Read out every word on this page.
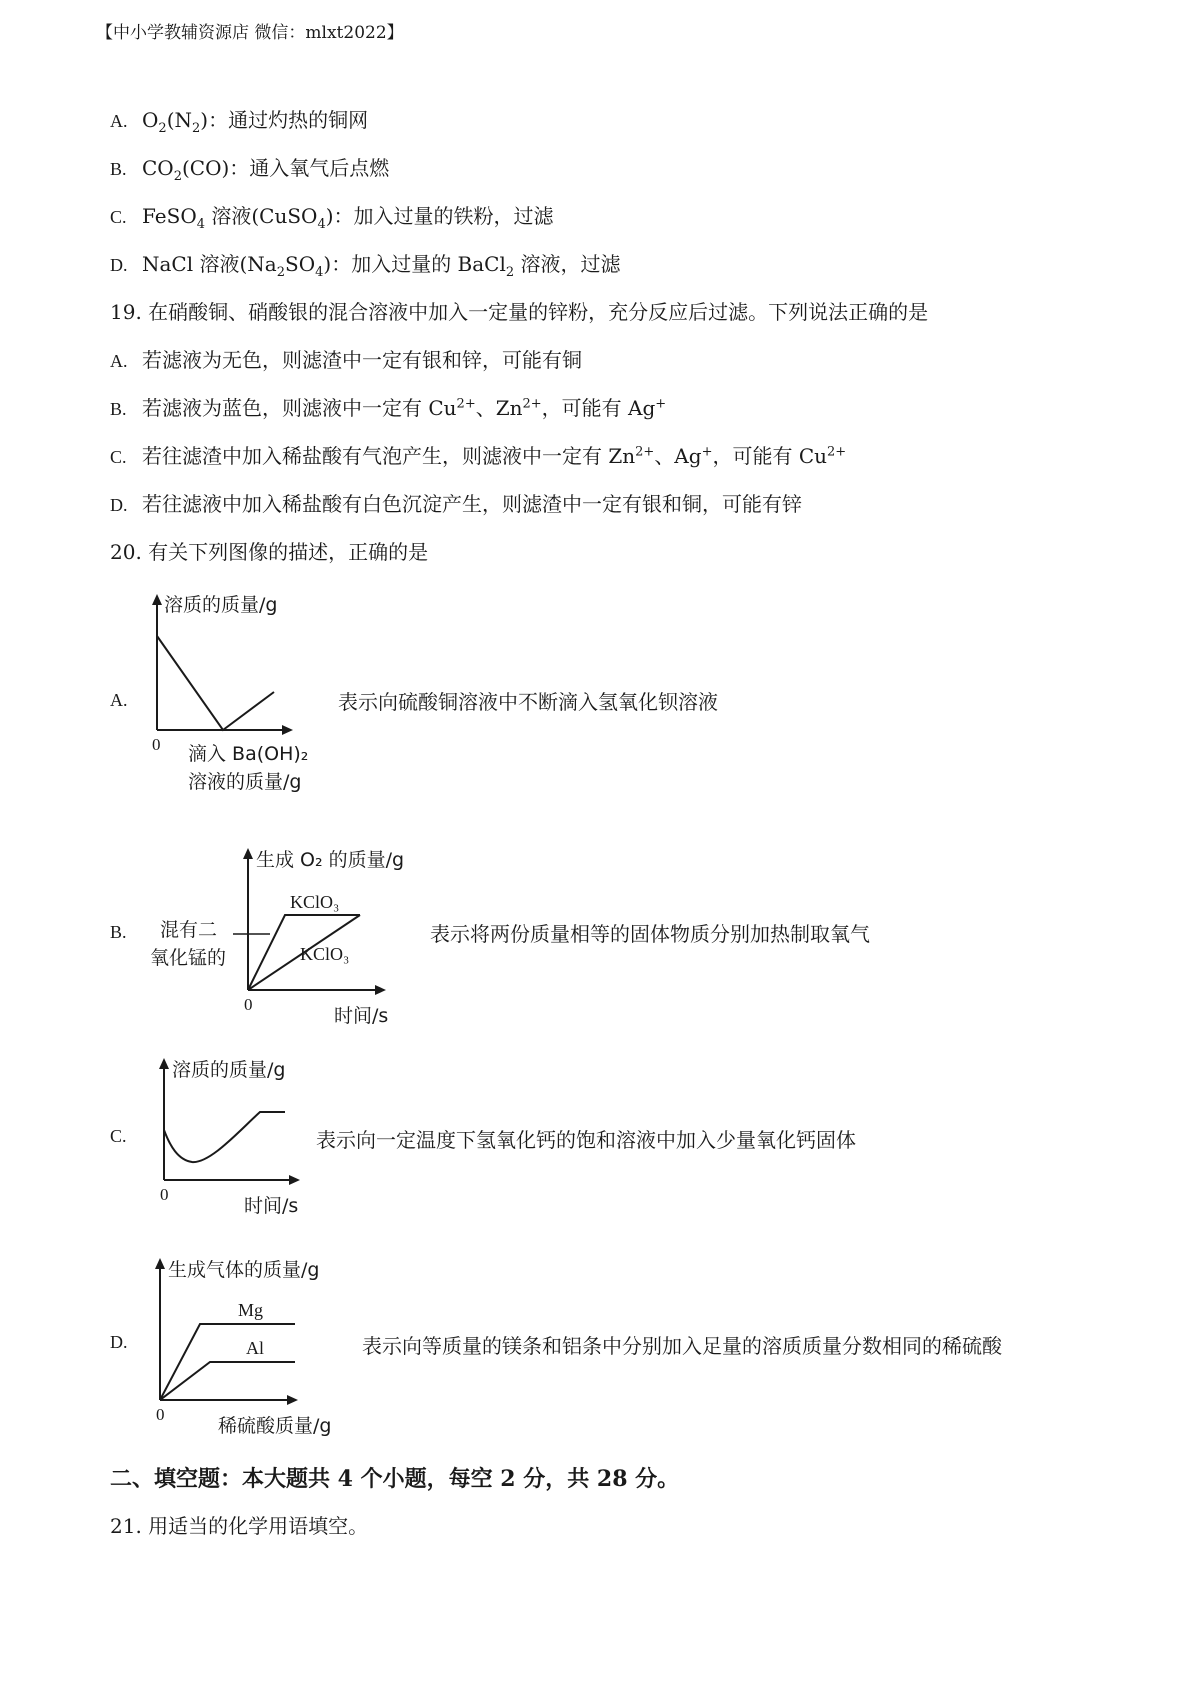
【中小学教辅资源店 微信：mlxt2022】
A. $O_2(N_2)$：通过灼热的铜网
B. $CO_2(CO)$：通入氧气后点燃
C. FeSO$_4$ 溶液(CuSO$_4$)：加入过量的铁粉，过滤
D. NaCl 溶液$(Na_2SO_4)$：加入过量的 BaCl$_2$ 溶液，过滤
19. 在硝酸铜、硝酸银的混合溶液中加入一定量的锌粉，充分反应后过滤。下列说法正确的是
A. 若滤液为无色，则滤渣中一定有银和锌，可能有铜
B. 若滤液为蓝色，则滤液中一定有 $Cu^{2+}$、$Zn^{2+}$，可能有 Ag+
C. 若往滤渣中加入稀盐酸有气泡产生，则滤液中一定有 $Zn^{2+}$、Ag+，可能有 $Cu^{2+}$
D. 若往滤液中加入稀盐酸有白色沉淀产生，则滤渣中一定有银和铜，可能有锌
20. 有关下列图像的描述，正确的是
A.
溶质的质量/g
0 滴入 Ba(OH)₂
溶液的质量/g
表示向硫酸铜溶液中不断滴入氢氧化钡溶液
B.
生成 O₂ 的质量/g
KClO₃
KClO₃
混有二
氧化锰的
0
时间/s
表示将两份质量相等的固体物质分别加热制取氧气
C.
溶质的质量/g
0
时间/s
表示向一定温度下氢氧化钙的饱和溶液中加入少量氧化钙固体
D.
生成气体的质量/g
Mg
Al
0
稀硫酸质量/g
表示向等质量的镁条和铝条中分别加入足量的溶质质量分数相同的稀硫酸
二、填空题：本大题共 4 个小题，每空 2 分，共 28 分。
21. 用适当的化学用语填空。
